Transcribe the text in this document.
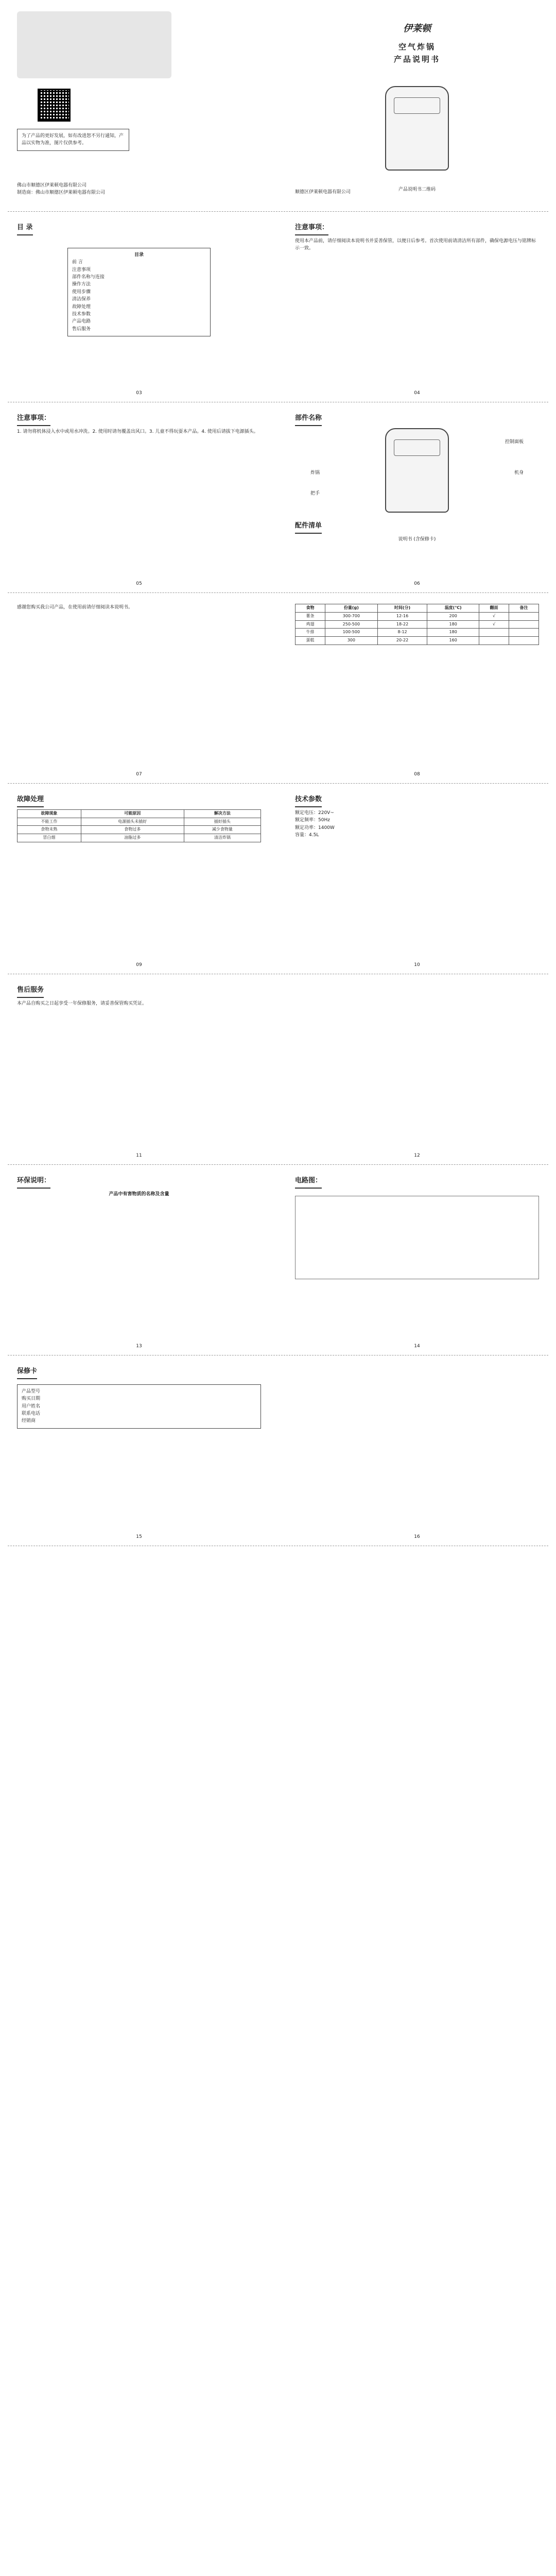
为了产品的更好发展，如有改进恕不另行通知，产品以实物为准，图片仅供参考。
佛山市顺德区伊莱顿电器有限公司
制造商：佛山市顺德区伊莱顿电器有限公司
伊莱顿
空气炸锅
产品说明书
产品说明书二维码
顺德区伊莱顿电器有限公司
目 录
目录
前 言
注意事项
部件名称与连接
操作方法
使用步骤
清洁保养
故障处理
技术参数
产品电路
售后服务
03
注意事项：
使用本产品前，请仔细阅读本说明书并妥善保管，以便日后参考。首次使用前请清洁所有部件，确保电源电压与铭牌标示一致。
04
注意事项：
1. 请勿将机体浸入水中或用水冲洗。2. 使用时请勿覆盖出风口。3. 儿童不得玩耍本产品。4. 使用后请拔下电源插头。
05
部件名称
控制面板
机身
炸锅
把手
配件清单
说明书 (含保修卡)
06
感谢您购买我公司产品，在使用前请仔细阅读本说明书。
07
食物	份量(g)	时间(分)	温度(℃)	翻面	备注
薯条	300-700	12-16	200	√	
鸡翅	250-500	18-22	180	√	
牛排	100-500	8-12	180		
蛋糕	300	20-22	160		
08
故障处理
故障现象	可能原因	解决方法
不能工作	电源插头未插好	插好插头
食物未熟	食物过多	减少食物量
冒白烟	油脂过多	清洁炸锅
09
技术参数
额定电压：220V~
额定频率：50Hz
额定功率：1400W
容量：4.5L
10
售后服务
本产品自购买之日起享受一年保修服务，请妥善保管购买凭证。
11	12
环保说明：
产品中有害物质的名称及含量
13
电路图：
14
保修卡
产品型号
购买日期
用户姓名
联系电话
经销商
15	16
